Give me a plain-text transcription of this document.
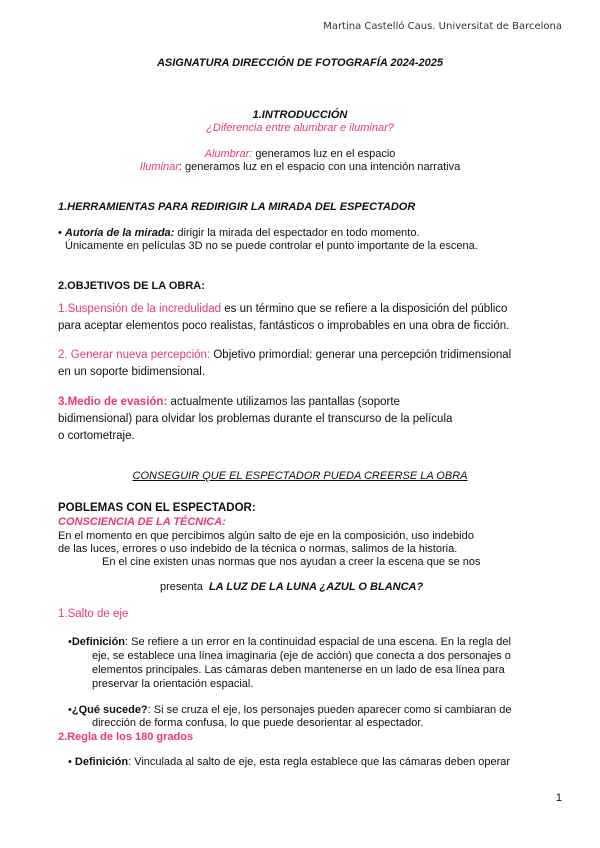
Martina Castelló Caus. Universitat de Barcelona
ASIGNATURA DIRECCIÓN DE FOTOGRAFÍA 2024-2025
1.INTRODUCCIÓN
¿Diferencia entre alumbrar e iluminar?
Alumbrar: generamos luz en el espacio
Iluminar: generamos luz en el espacio con una intención narrativa
1.HERRAMIENTAS PARA REDIRIGIR LA MIRADA DEL ESPECTADOR
• Autoría de la mirada: dirigir la mirada del espectador en todo momento.
Únicamente en películas 3D no se puede controlar el punto importante de la escena.
2.OBJETIVOS DE LA OBRA:
1.Suspensión de la incredulidad es un término que se refiere a la disposición del público
para aceptar elementos poco realistas, fantásticos o improbables en una obra de ficción.
2. Generar nueva percepción: Objetivo primordial: generar una percepción tridimensional
en un soporte bidimensional.
3.Medio de evasión: actualmente utilizamos las pantallas (soporte
bidimensional) para olvidar los problemas durante el transcurso de la película
o cortometraje.
CONSEGUIR QUE EL ESPECTADOR PUEDA CREERSE LA OBRA
POBLEMAS CON EL ESPECTADOR:
CONSCIENCIA DE LA TÉCNICA:
En el momento en que percibimos algún salto de eje en la composición, uso indebido
de las luces, errores o uso indebido de la técnica o normas, salimos de la historia.
En el cine existen unas normas que nos ayudan a creer la escena que se nos
presenta LA LUZ DE LA LUNA ¿AZUL O BLANCA?
1.Salto de eje
•Definición: Se refiere a un error en la continuidad espacial de una escena. En la regla del
eje, se establece una línea imaginaria (eje de acción) que conecta a dos personajes o
elementos principales. Las cámaras deben mantenerse en un lado de esa línea para
preservar la orientación espacial.
•¿Qué sucede?: Si se cruza el eje, los personajes pueden aparecer como si cambiaran de
dirección de forma confusa, lo que puede desorientar al espectador.
2.Regla de los 180 grados
• Definición: Vinculada al salto de eje, esta regla establece que las cámaras deben operar
1
